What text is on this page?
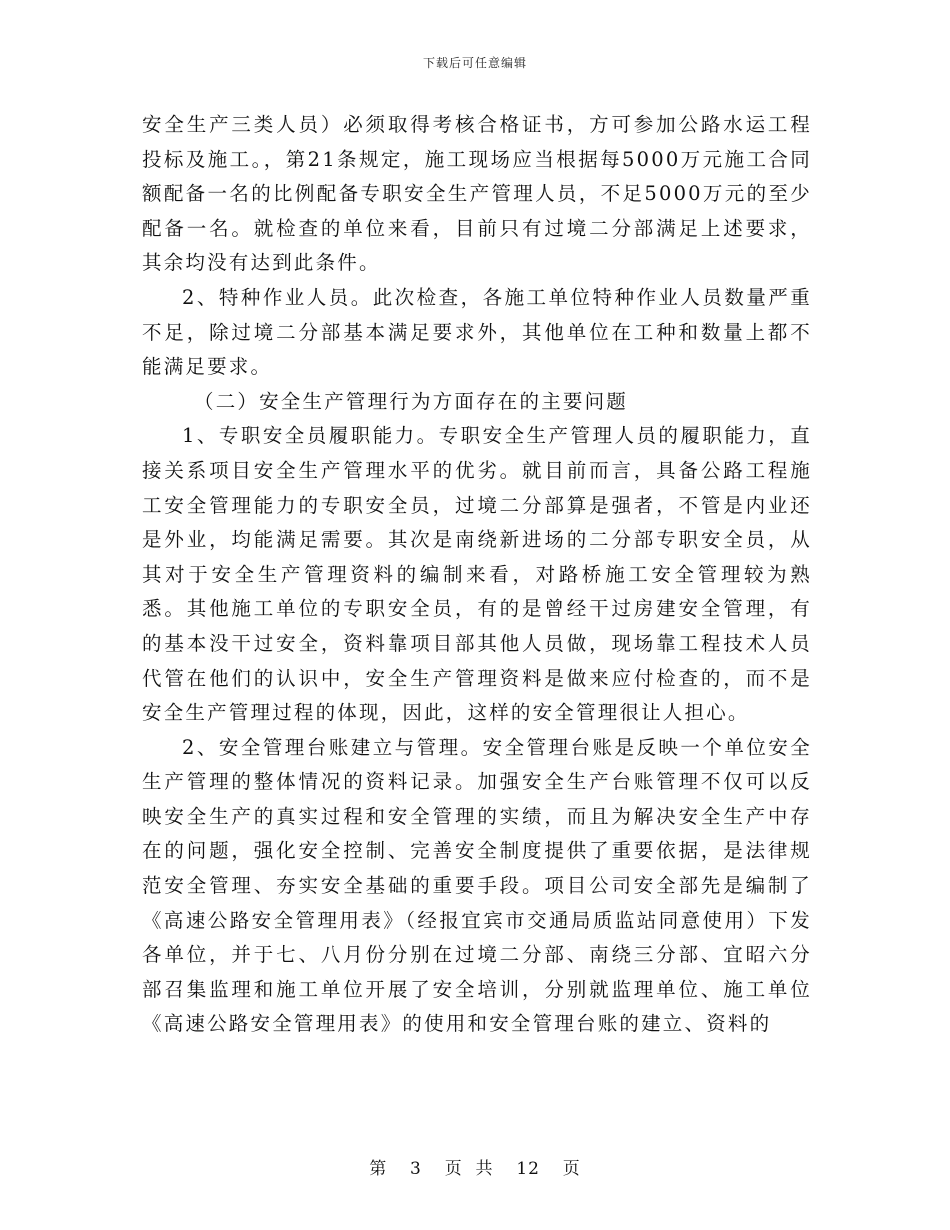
下载后可任意编辑

安全生产三类人员）必须取得考核合格证书，方可参加公路水运工程投标及施工。，第21条规定，施工现场应当根据每5000万元施工合同额配备一名的比例配备专职安全生产管理人员，不足5000万元的至少配备一名。就检查的单位来看，目前只有过境二分部满足上述要求，其余均没有达到此条件。

2、特种作业人员。此次检查，各施工单位特种作业人员数量严重不足，除过境二分部基本满足要求外，其他单位在工种和数量上都不能满足要求。

（二）安全生产管理行为方面存在的主要问题

1、专职安全员履职能力。专职安全生产管理人员的履职能力，直接关系项目安全生产管理水平的优劣。就目前而言，具备公路工程施工安全管理能力的专职安全员，过境二分部算是强者，不管是内业还是外业，均能满足需要。其次是南绕新进场的二分部专职安全员，从其对于安全生产管理资料的编制来看，对路桥施工安全管理较为熟悉。其他施工单位的专职安全员，有的是曾经干过房建安全管理，有的基本没干过安全，资料靠项目部其他人员做，现场靠工程技术人员代管在他们的认识中，安全生产管理资料是做来应付检查的，而不是安全生产管理过程的体现，因此，这样的安全管理很让人担心。

2、安全管理台账建立与管理。安全管理台账是反映一个单位安全生产管理的整体情况的资料记录。加强安全生产台账管理不仅可以反映安全生产的真实过程和安全管理的实绩，而且为解决安全生产中存在的问题，强化安全控制、完善安全制度提供了重要依据，是法律规范安全管理、夯实安全基础的重要手段。项目公司安全部先是编制了《高速公路安全管理用表》（经报宜宾市交通局质监站同意使用）下发各单位，并于七、八月份分别在过境二分部、南绕三分部、宜昭六分部召集监理和施工单位开展了安全培训，分别就监理单位、施工单位《高速公路安全管理用表》的使用和安全管理台账的建立、资料的

第 3 页  共 12 页
